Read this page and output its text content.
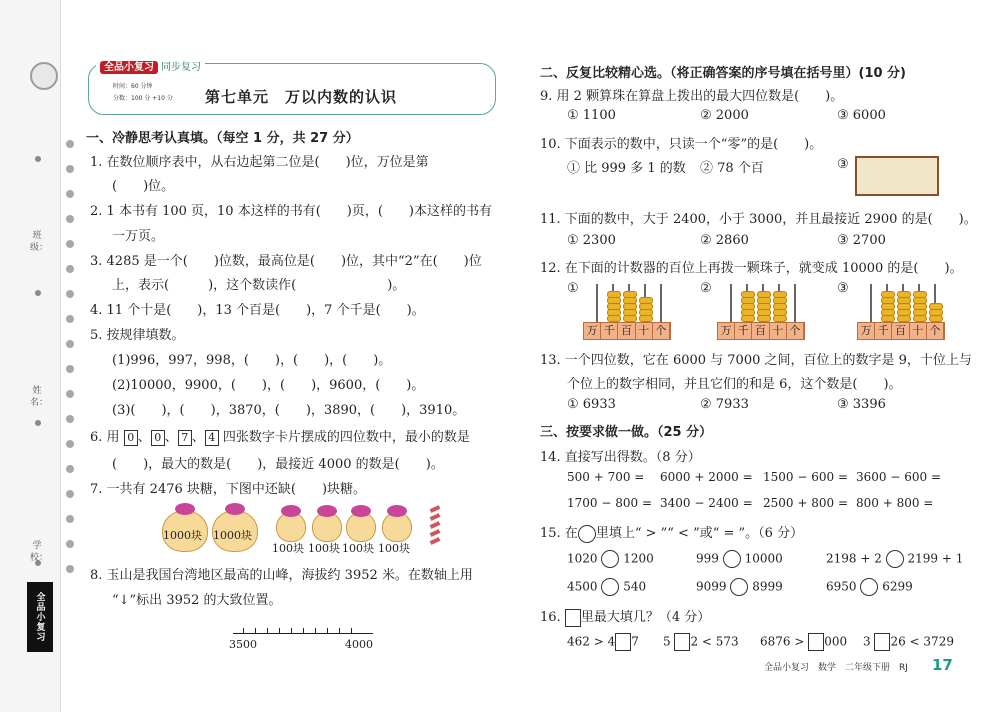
班 级：
姓 名：
学 校：
全品小复习
全品小复习 同步复习
时间：60 分钟
分数：100 分 +10 分 第七单元　万以内数的认识
一、冷静思考认真填。（每空 1 分，共 27 分）
1. 在数位顺序表中，从右边起第二位是(　　)位，万位是第
(　　)位。
2. 1 本书有 100 页，10 本这样的书有(　　)页，(　　)本这样的书有
一万页。
3. 4285 是一个(　　)位数，最高位是(　　)位，其中“2”在(　　)位
上，表示(　　　)，这个数读作(　　　　　　　)。
4. 11 个十是(　　)，13 个百是(　　)，7 个千是(　　)。
5. 按规律填数。
(1)996，997，998，(　　)，(　　)，(　　)。
(2)10000，9900，(　　)，(　　)，9600，(　　)。
(3)(　　)，(　　)，3870，(　　)，3890，(　　)，3910。
6. 用 0 、 0 、 7 、 4 四张数字卡片摆成的四位数中，最小的数是
(　　)，最大的数是(　　)，最接近 4000 的数是(　　)。
7. 一共有 2476 块糖，下图中还缺(　　)块糖。
1000块 1000块
100块 100块 100块 100块
8. 玉山是我国台湾地区最高的山峰，海拔约 3952 米。在数轴上用
“↓”标出 3952 的大致位置。
3500	4000
二、反复比较精心选。（将正确答案的序号填在括号里）(10 分)
9. 用 2 颗算珠在算盘上拨出的最大四位数是(　　)。
① 1100	② 2000	③ 6000
10. 下面表示的数中，只读一个“零”的是(　　)。
① 比 999 多 1 的数 ② 78 个百	③
11. 下面的数中，大于 2400，小于 3000，并且最接近 2900 的是(　　)。
① 2300	② 2860	③ 2700
12. 在下面的计数器的百位上再拨一颗珠子，就变成 10000 的是(　　)。
①	②	③
万 千 百 十 个	万 千 百 十 个	万 千 百 十 个
13. 一个四位数，它在 6000 与 7000 之间，百位上的数字是 9，十位上与
个位上的数字相同，并且它们的和是 6，这个数是(　　)。
① 6933	② 7933	③ 3396
三、按要求做一做。（25 分）
14. 直接写出得数。（8 分）
500 + 700 = 6000 + 2000 = 1500 − 600 = 3600 − 600 =
1700 − 800 = 3400 − 2400 = 2500 + 800 = 800 + 800 =
15. 在 里填上“ > ”“ < ”或“ = ”。（6 分）
1020 1200	999 10000	2198 + 2 2199 + 1
4500 540	9099 8999	6950 6299
16. 里最大填几？（4 分）
462 > 4 7 5 2 < 573 6876 > 000 3 26 < 3729
全品小复习　数学　二年级下册　RJ 17
